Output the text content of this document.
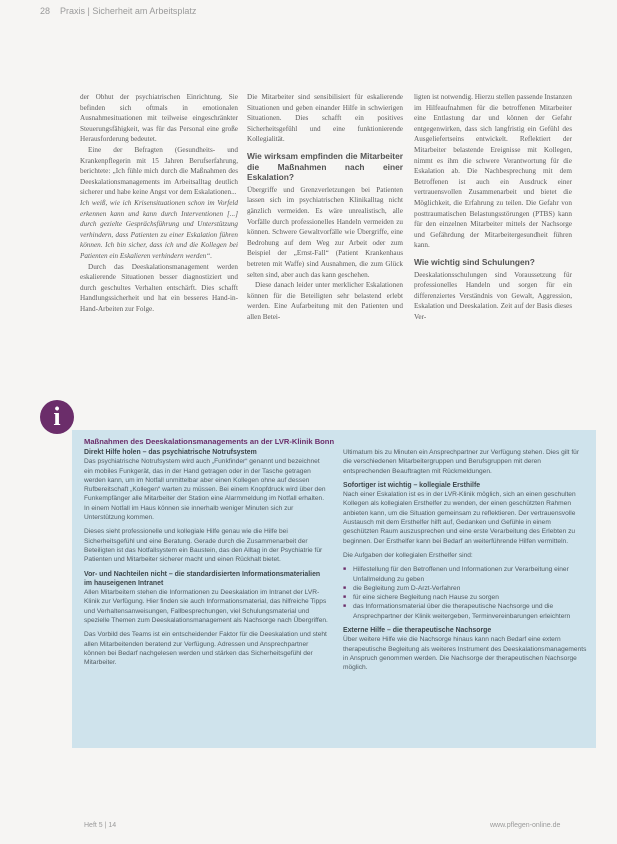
28 Praxis | Sicherheit am Arbeitsplatz

der Obhut der psychiatrischen Einrichtung. Sie befinden sich oftmals in emotionalen Ausnahmesituationen mit teilweise eingeschränkter Steuerungsfähigkeit, was für das Personal eine große Herausforderung bedeutet.

Eine der Befragten (Gesundheits- und Krankenpflegerin mit 15 Jahren Berufserfahrung, berichtete: „Ich fühle mich durch die Maßnahmen des Deeskalationsmanagements im Arbeitsalltag deutlich sicherer und habe keine Angst vor dem Eskalationen...

Ich weiß, wie ich Krisensituationen schon im Vorfeld erkennen kann und kann durch Interventionen [...] durch gezielte Gesprächsführung und Unterstützung verhindern, dass Patienten zu einer Eskalation führen können. Ich bin sicher, dass ich und die Kollegen bei Patienten ein Eskalieren verhindern werden“.

Durch das Deeskalationsmanagement werden eskalierende Situationen besser diagnostiziert und durch geschultes Verhalten entschärft. Dies schafft Handlungssicherheit und hat ein besseres Hand-in-Hand-Arbeiten zur Folge.

Die Mitarbeiter sind sensibilisiert für eskalierende Situationen und geben einander Hilfe in schwierigen Situationen. Dies schafft ein positives Sicherheitsgefühl und eine funktionierende Kollegialität.

Wie wirksam empfinden die Mitarbeiter die Maßnahmen nach einer Eskalation?

Übergriffe und Grenzverletzungen bei Patienten lassen sich im psychiatrischen Klinikalltag nicht gänzlich vermeiden. Es wäre unrealistisch, alle Vorfälle durch professionelles Handeln vermeiden zu können. Schwere Gewaltvorfälle wie Übergriffe, eine Bedrohung auf dem Weg zur Arbeit oder zum Beispiel der „Ernst-Fall“ (Patient Krankenhaus betreten mit Waffe) sind Ausnahmen, die zum Glück selten sind, aber auch das kann geschehen.

Diese danach leider unter merklicher Eskalationen können für die Beteiligten sehr belastend erlebt werden. Eine Aufarbeitung mit den Patienten und allen Betei-

ligten ist notwendig. Hierzu stellen passende Instanzen im Hilfeaufnahmen für die betroffenen Mitarbeiter eine Entlastung dar und können der Gefahr entgegenwirken, dass sich langfristig ein Gefühl des Ausgeliefertseins entwickelt. Reflektiert der Mitarbeiter belastende Ereignisse mit Kollegen, nimmt es ihm die schwere Verantwortung für die Eskalation ab. Die Nachbesprechung mit dem Betroffenen ist auch ein Ausdruck einer vertrauensvollen Zusammenarbeit und bietet die Möglichkeit, die Erfahrung zu teilen. Die Gefahr von posttraumatischen Belastungsstörungen (PTBS) kann für den einzelnen Mitarbeiter mittels der Nachsorge und Gefährdung der Mitarbeitergesundheit führen kann.

Wie wichtig sind Schulungen?

Deeskalationsschulungen sind Voraussetzung für professionelles Handeln und sorgen für ein differenziertes Verständnis von Gewalt, Aggression, Eskalation und Deeskalation. Zeit auf der Basis dieses Ver-

i
Maßnahmen des Deeskalationsmanagements an der LVR-Klinik Bonn
Direkt Hilfe holen – das psychiatrische Notrufsystem

Das psychiatrische Notrufsystem wird auch „Funkfinder“ genannt und bezeichnet ein mobiles Funkgerät, das in der Hand getragen oder in der Tasche getragen werden kann, um im Notfall unmittelbar aber einen Kollegen ohne auf dessen Rufbereitschaft „Kollegen“ warten zu müssen. Bei einem Knopfdruck wird über den Funkempfänger alle Mitarbeiter der Station eine Alarmmeldung im Notfall erhalten. In einem Notfall im Haus können sie innerhalb weniger Minuten sich zur Unterstützung kommen.

Dieses sieht professionelle und kollegiale Hilfe genau wie die Hilfe bei Sicherheitsgefühl und eine Beratung. Gerade durch die Zusammenarbeit der Beteiligten ist das Notfallsystem ein Baustein, das den Alltag in der Psychiatrie für Patienten und Mitarbeiter sicherer macht und einen Rückhalt bietet.

Vor- und Nachteilen nicht – die standardisierten Informationsmaterialien im hauseigenen Intranet

Allen Mitarbeitern stehen die Informationen zu Deeskalation im Intranet der LVR-Klinik zur Verfügung. Hier finden sie auch Informationsmaterial, das hilfreiche Tipps und Verhaltensanweisungen, Fallbesprechungen, viel Schulungsmaterial und spezielle Themen zum Deeskalationsmanagement als Nachsorge nach Übergriffen.

Das Vorbild des Teams ist ein entscheidender Faktor für die Deeskalation und steht allen Mitarbeitenden beratend zur Verfügung. Adressen und Ansprechpartner können bei Bedarf nachgelesen werden und stärken das Sicherheitsgefühl der Mitarbeiter.

Ultimatum bis zu Minuten ein Ansprechpartner zur Verfügung stehen. Dies gilt für die verschiedenen Mitarbeitergruppen und Berufsgruppen mit deren entsprechenden Beauftragten mit Rückmeldungen.

Sofortiger ist wichtig – kollegiale Ersthilfe

Nach einer Eskalation ist es in der LVR-Klinik möglich, sich an einen geschulten Kollegen als kollegialen Ersthelfer zu wenden, der einen geschützten Rahmen anbieten kann, um die Situation gemeinsam zu reflektieren. Der vertrauensvolle Austausch mit dem Ersthelfer hilft auf, Gedanken und Gefühle in einem geschützten Raum auszusprechen und eine erste Verarbeitung des Erlebten zu beginnen. Der Ersthelfer kann bei Bedarf an weiterführende Hilfen vermitteln.

Die Aufgaben der kollegialen Ersthelfer sind:

■ Hilfestellung für den Betroffenen und Informationen zur Verarbeitung einer Unfallmeldung zu geben
■ die Begleitung zum D-Arzt-Verfahren
■ für eine sichere Begleitung nach Hause zu sorgen
■ das Informationsmaterial über die therapeutische Nachsorge und die Ansprechpartner der Klinik weitergeben, Terminvereinbarungen erleichtern
Externe Hilfe – die therapeutische Nachsorge

Über weitere Hilfe wie die Nachsorge hinaus kann nach Bedarf eine extern therapeutische Begleitung als weiteres Instrument des Deeskalationsmanagements in Anspruch genommen werden. Die Nachsorge der therapeutischen Nachsorge möglich.

Heft 5 | 14	www.pflegen-online.de
